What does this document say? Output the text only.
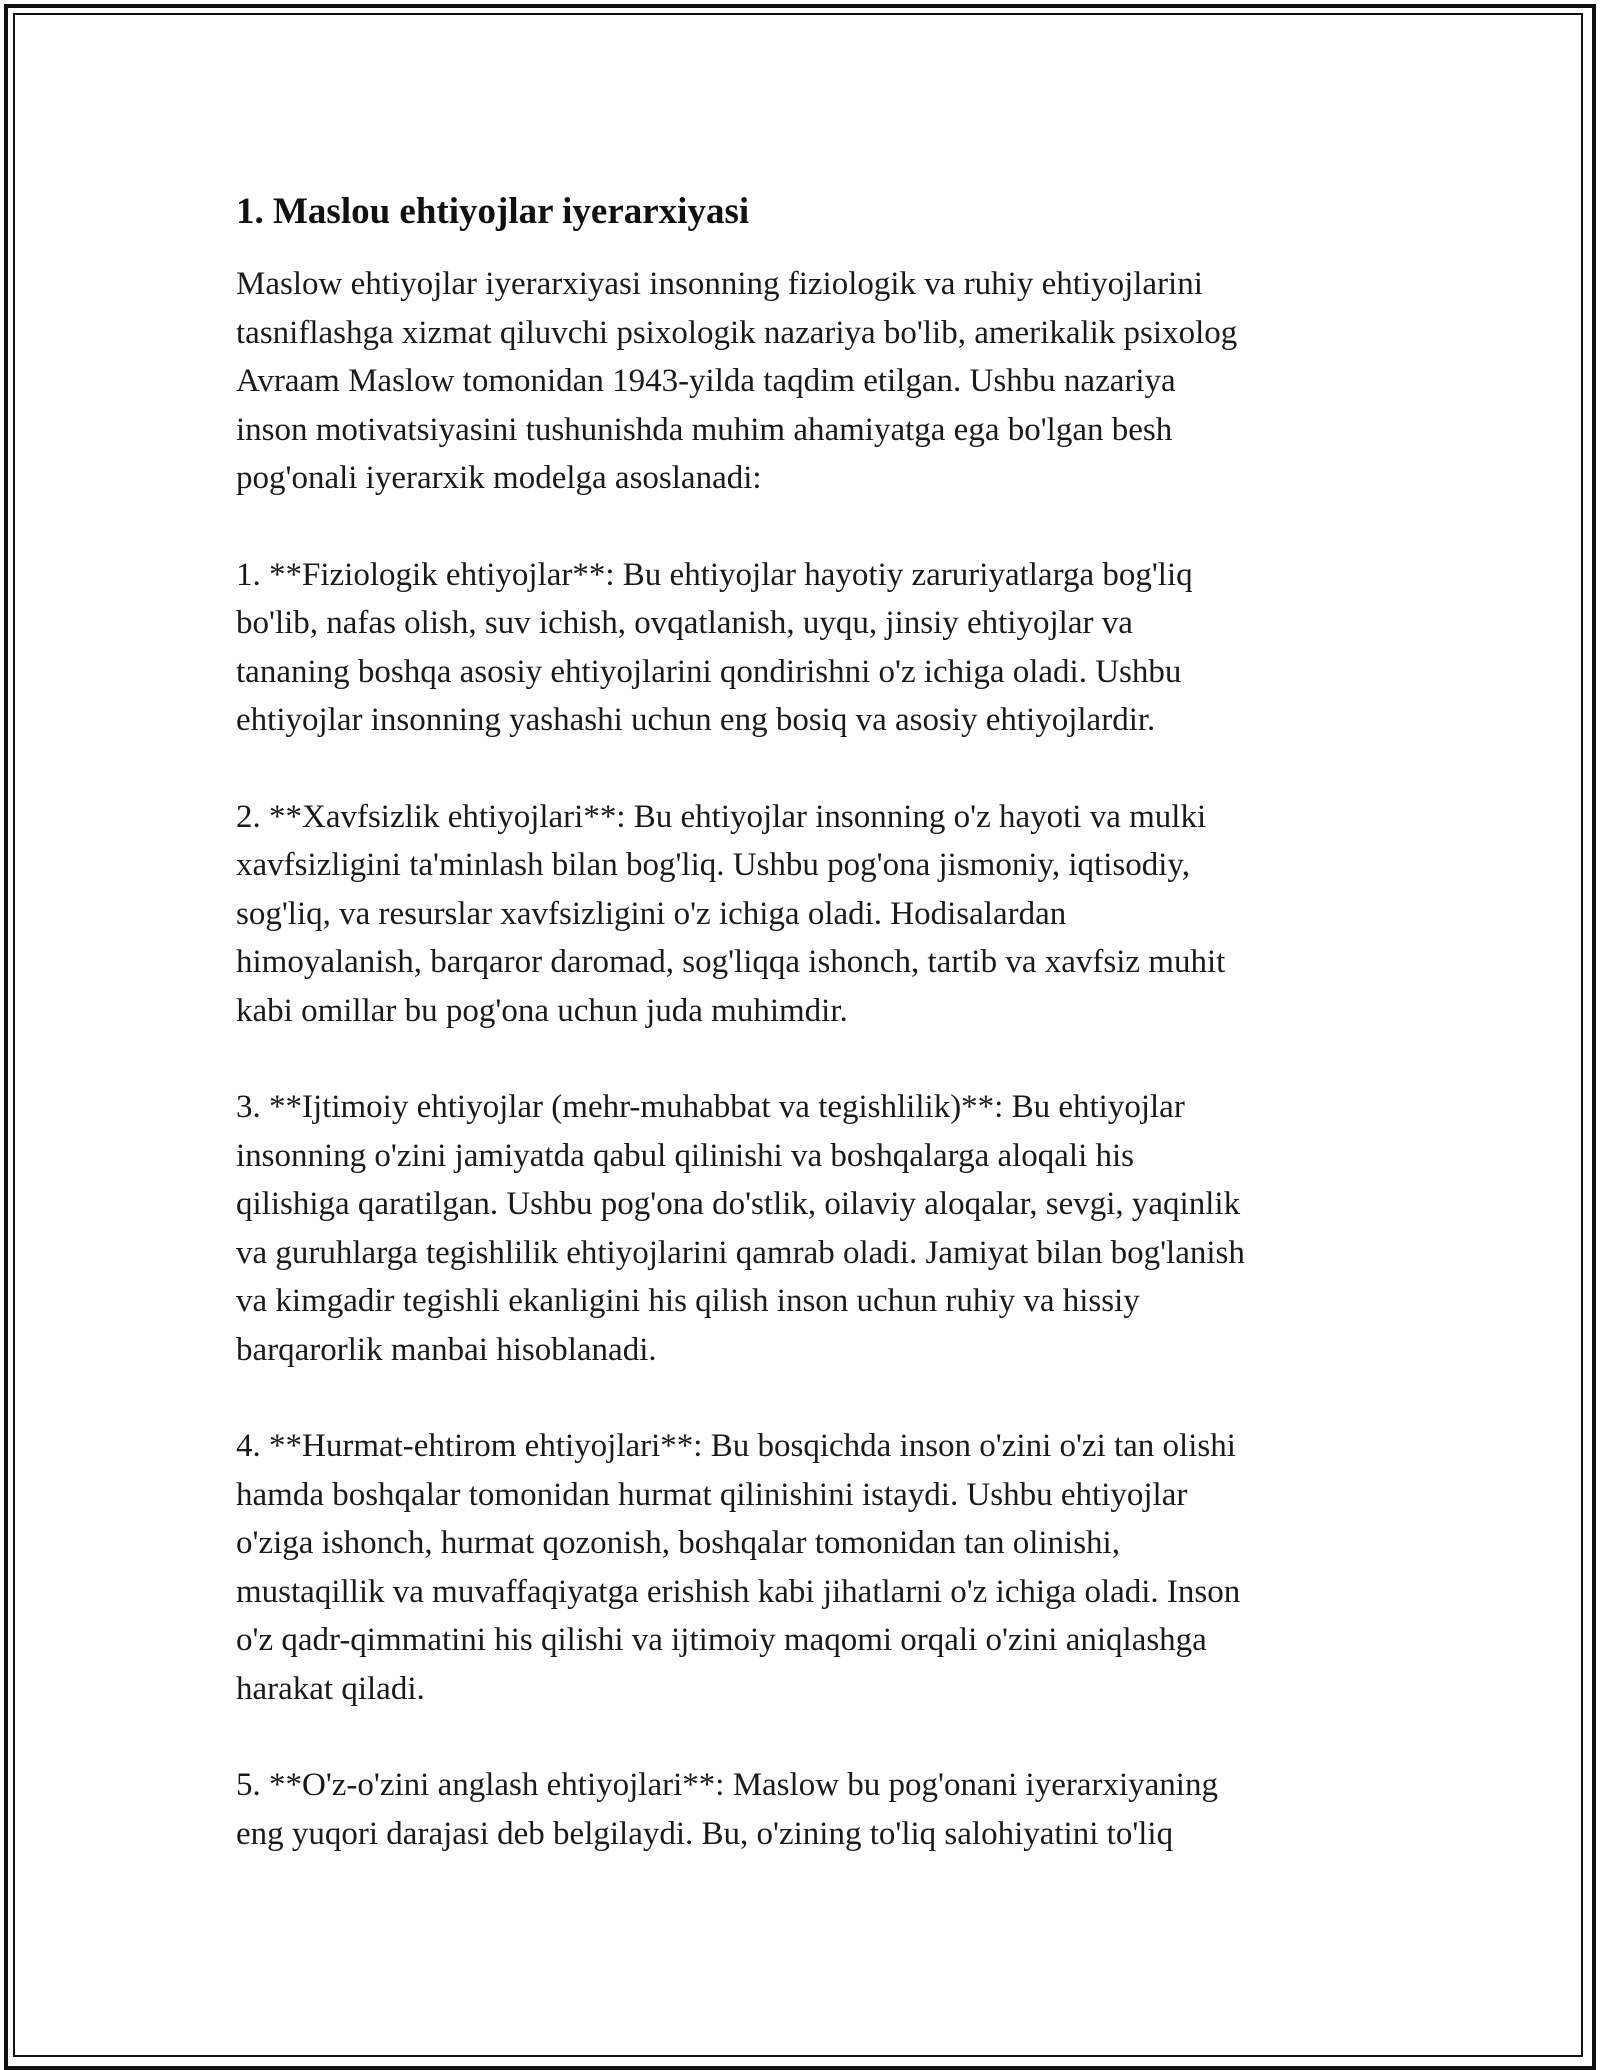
1. Maslou ehtiyojlar iyerarxiyasi

Maslow ehtiyojlar iyerarxiyasi insonning fiziologik va ruhiy ehtiyojlarini
tasniflashga xizmat qiluvchi psixologik nazariya bo'lib, amerikalik psixolog
Avraam Maslow tomonidan 1943-yilda taqdim etilgan. Ushbu nazariya
inson motivatsiyasini tushunishda muhim ahamiyatga ega bo'lgan besh
pog'onali iyerarxik modelga asoslanadi:

1. **Fiziologik ehtiyojlar**: Bu ehtiyojlar hayotiy zaruriyatlarga bog'liq
bo'lib, nafas olish, suv ichish, ovqatlanish, uyqu, jinsiy ehtiyojlar va
tananing boshqa asosiy ehtiyojlarini qondirishni o'z ichiga oladi. Ushbu
ehtiyojlar insonning yashashi uchun eng bosiq va asosiy ehtiyojlardir.

2. **Xavfsizlik ehtiyojlari**: Bu ehtiyojlar insonning o'z hayoti va mulki
xavfsizligini ta'minlash bilan bog'liq. Ushbu pog'ona jismoniy, iqtisodiy,
sog'liq, va resurslar xavfsizligini o'z ichiga oladi. Hodisalardan
himoyalanish, barqaror daromad, sog'liqqa ishonch, tartib va xavfsiz muhit
kabi omillar bu pog'ona uchun juda muhimdir.

3. **Ijtimoiy ehtiyojlar (mehr-muhabbat va tegishlilik)**: Bu ehtiyojlar
insonning o'zini jamiyatda qabul qilinishi va boshqalarga aloqali his
qilishiga qaratilgan. Ushbu pog'ona do'stlik, oilaviy aloqalar, sevgi, yaqinlik
va guruhlarga tegishlilik ehtiyojlarini qamrab oladi. Jamiyat bilan bog'lanish
va kimgadir tegishli ekanligini his qilish inson uchun ruhiy va hissiy
barqarorlik manbai hisoblanadi.

4. **Hurmat-ehtirom ehtiyojlari**: Bu bosqichda inson o'zini o'zi tan olishi
hamda boshqalar tomonidan hurmat qilinishini istaydi. Ushbu ehtiyojlar
o'ziga ishonch, hurmat qozonish, boshqalar tomonidan tan olinishi,
mustaqillik va muvaffaqiyatga erishish kabi jihatlarni o'z ichiga oladi. Inson
o'z qadr-qimmatini his qilishi va ijtimoiy maqomi orqali o'zini aniqlashga
harakat qiladi.

5. **O'z-o'zini anglash ehtiyojlari**: Maslow bu pog'onani iyerarxiyaning
eng yuqori darajasi deb belgilaydi. Bu, o'zining to'liq salohiyatini to'liq
